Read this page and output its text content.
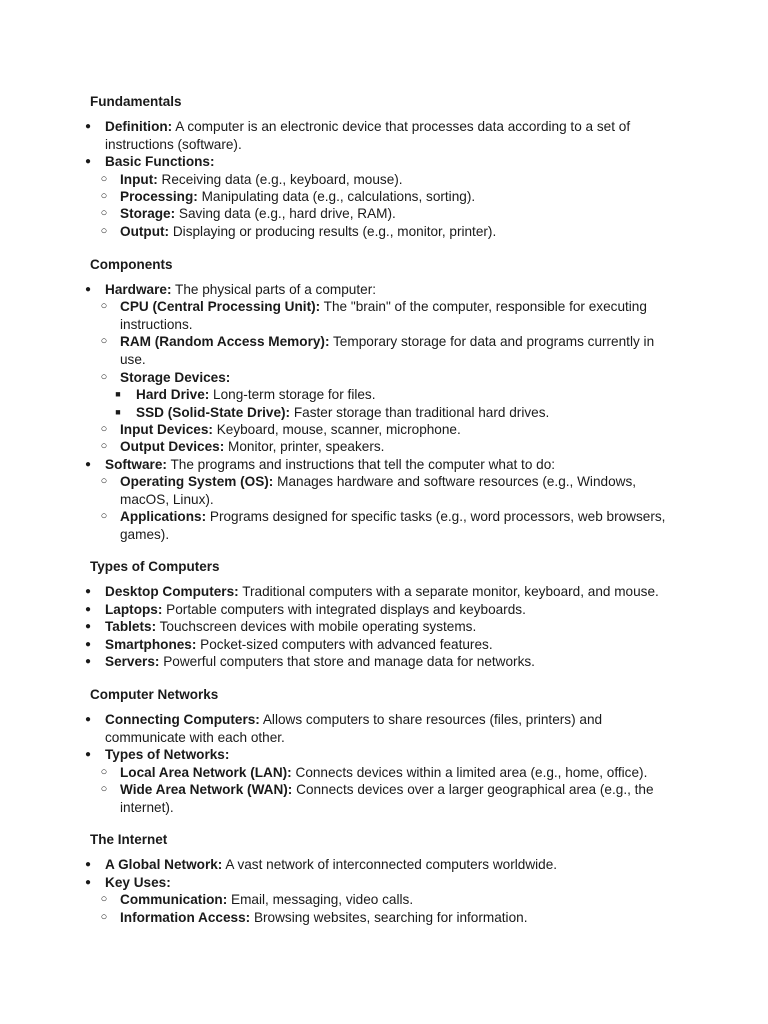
Fundamentals
● Definition: A computer is an electronic device that processes data according to a set of instructions (software).
● Basic Functions:
○ Input: Receiving data (e.g., keyboard, mouse).
○ Processing: Manipulating data (e.g., calculations, sorting).
○ Storage: Saving data (e.g., hard drive, RAM).
○ Output: Displaying or producing results (e.g., monitor, printer).
Components
● Hardware: The physical parts of a computer:
○ CPU (Central Processing Unit): The "brain" of the computer, responsible for executing instructions.
○ RAM (Random Access Memory): Temporary storage for data and programs currently in use.
○ Storage Devices:
■ Hard Drive: Long-term storage for files.
■ SSD (Solid-State Drive): Faster storage than traditional hard drives.
○ Input Devices: Keyboard, mouse, scanner, microphone.
○ Output Devices: Monitor, printer, speakers.
● Software: The programs and instructions that tell the computer what to do:
○ Operating System (OS): Manages hardware and software resources (e.g., Windows, macOS, Linux).
○ Applications: Programs designed for specific tasks (e.g., word processors, web browsers, games).
Types of Computers
● Desktop Computers: Traditional computers with a separate monitor, keyboard, and mouse.
● Laptops: Portable computers with integrated displays and keyboards.
● Tablets: Touchscreen devices with mobile operating systems.
● Smartphones: Pocket-sized computers with advanced features.
● Servers: Powerful computers that store and manage data for networks.
Computer Networks
● Connecting Computers: Allows computers to share resources (files, printers) and communicate with each other.
● Types of Networks:
○ Local Area Network (LAN): Connects devices within a limited area (e.g., home, office).
○ Wide Area Network (WAN): Connects devices over a larger geographical area (e.g., the internet).
The Internet
● A Global Network: A vast network of interconnected computers worldwide.
● Key Uses:
○ Communication: Email, messaging, video calls.
○ Information Access: Browsing websites, searching for information.
